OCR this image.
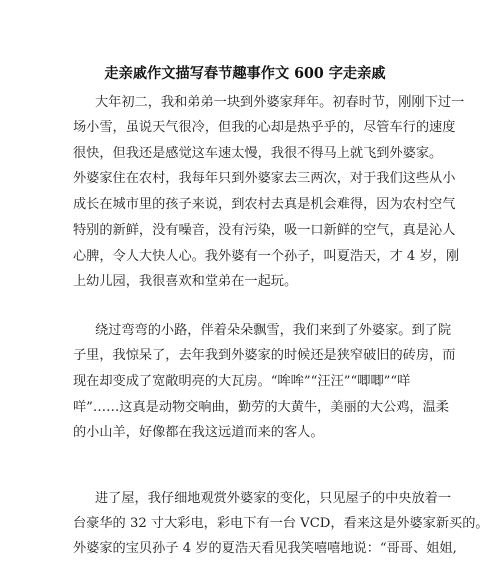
走亲戚作文描写春节趣事作文 600 字走亲戚
大年初二，我和弟弟一块到外婆家拜年。初春时节，刚刚下过一
场小雪，虽说天气很冷，但我的心却是热乎乎的，尽管车行的速度
很快，但我还是感觉这车速太慢，我很不得马上就飞到外婆家。
外婆家住在农村，我每年只到外婆家去三两次，对于我们这些从小
成长在城市里的孩子来说，到农村去真是机会难得，因为农村空气
特别的新鲜，没有噪音，没有污染，吸一口新鲜的空气，真是沁人
心脾，令人大快人心。我外婆有一个孙子，叫夏浩天，才 4 岁，刚
上幼儿园，我很喜欢和堂弟在一起玩。
绕过弯弯的小路，伴着朵朵飘雪，我们来到了外婆家。到了院
子里，我惊呆了，去年我到外婆家的时候还是狭窄破旧的砖房，而
现在却变成了宽敞明亮的大瓦房。“哞哞”“汪汪”“唧唧”“咩
咩”……这真是动物交响曲，勤劳的大黄牛，美丽的大公鸡，温柔
的小山羊，好像都在我这远道而来的客人。
进了屋，我仔细地观赏外婆家的变化，只见屋子的中央放着一
台豪华的 32 寸大彩电，彩电下有一台 VCD，看来这是外婆家新买的。
外婆家的宝贝孙子 4 岁的夏浩天看见我笑嘻嘻地说：“哥哥、姐姐,
